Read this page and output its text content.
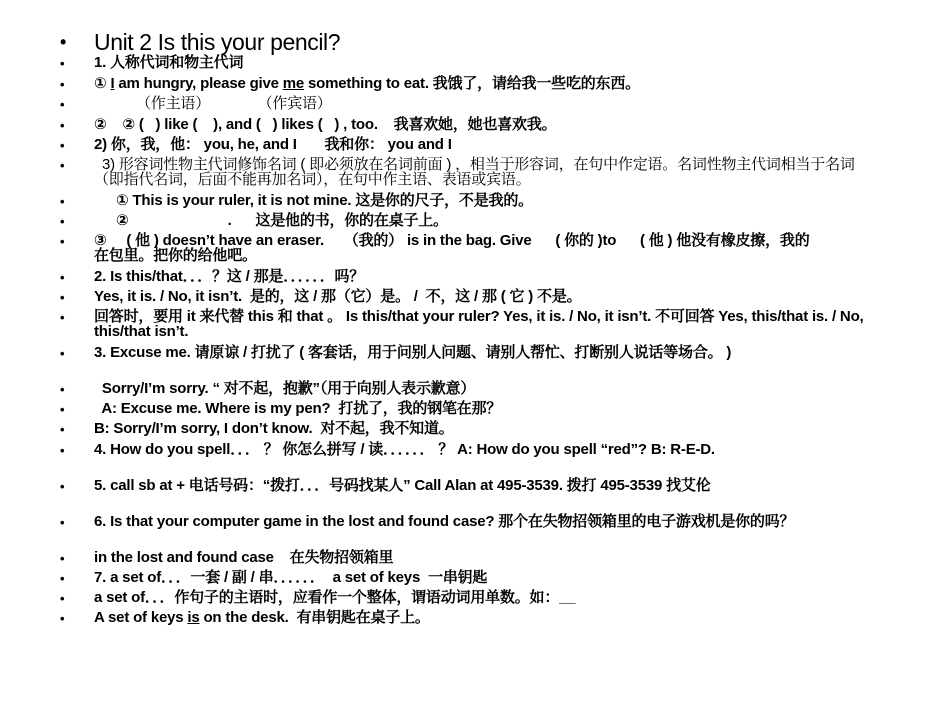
• Unit 2 Is this your pencil?
• 1. 人称代词和物主代词
• ① I am hungry, please give me something to eat. 我饿了，请给我一些吃的东西。
•	（作主语）            （作宾语）
• ②    ② (   ) like (    ), and (   ) likes (   ) , too.    我喜欢她，她也喜欢我。
• 2) 你，我，他： you, he, and I       我和你： you and I
• 3) 形容词性物主代词修饰名词 ( 即必须放在名词前面 ) ，相当于形容词，在句中作定语。名词性物主代词相当于名词（即指代名词，后面不能再加名词），在句中作主语、表语或宾语。
•	① This is your ruler, it is not mine. 这是你的尺子，不是我的。
•	②                         .      这是他的书，你的在桌子上。
• ③     ( 他 ) doesn’t have an eraser.     （我的） is in the bag. Give      ( 你的 )to      ( 他 ) 他没有橡皮擦，我的在包里。把你的给他吧。
• 2. Is this/that．．．？这 / 那是．．．．．．吗？
• Yes, it is. / No, it isn’t.  是的，这 / 那（它）是。 /  不，这 / 那 ( 它 ) 不是。
• 回答时，要用 it 来代替 this 和 that 。 Is this/that your ruler? Yes, it is. / No, it isn’t. 不可回答 Yes, this/that is. / No, this/that isn’t.
• 3. Excuse me. 请原谅 / 打扰了 ( 客套话，用于问别人问题、请别人帮忙、打断别人说话等场合。 )
• Sorry/I’m sorry. “ 对不起，抱歉”（用于向别人表示歉意）
• A: Excuse me. Where is my pen?  打扰了，我的钢笔在那？
• B: Sorry/I’m sorry, I don’t know.  对不起，我不知道。
• 4. How do you spell．．． ？ 你怎么拼写 / 读．．．．．． ？ A: How do you spell “red”? B: R-E-D.
• 5. call sb at + 电话号码：“拨打．．．号码找某人” Call Alan at 495-3539. 拨打 495-3539 找艾伦
• 6. Is that your computer game in the lost and found case? 那个在失物招领箱里的电子游戏机是你的吗？
• in the lost and found case    在失物招领箱里
• 7. a set of．．．一套 / 副 / 串．．．．．．  a set of keys  一串钥匙
• a set of．．．作句子的主语时，应看作一个整体，谓语动词用单数。如：__
• A set of keys is on the desk.  有串钥匙在桌子上。
